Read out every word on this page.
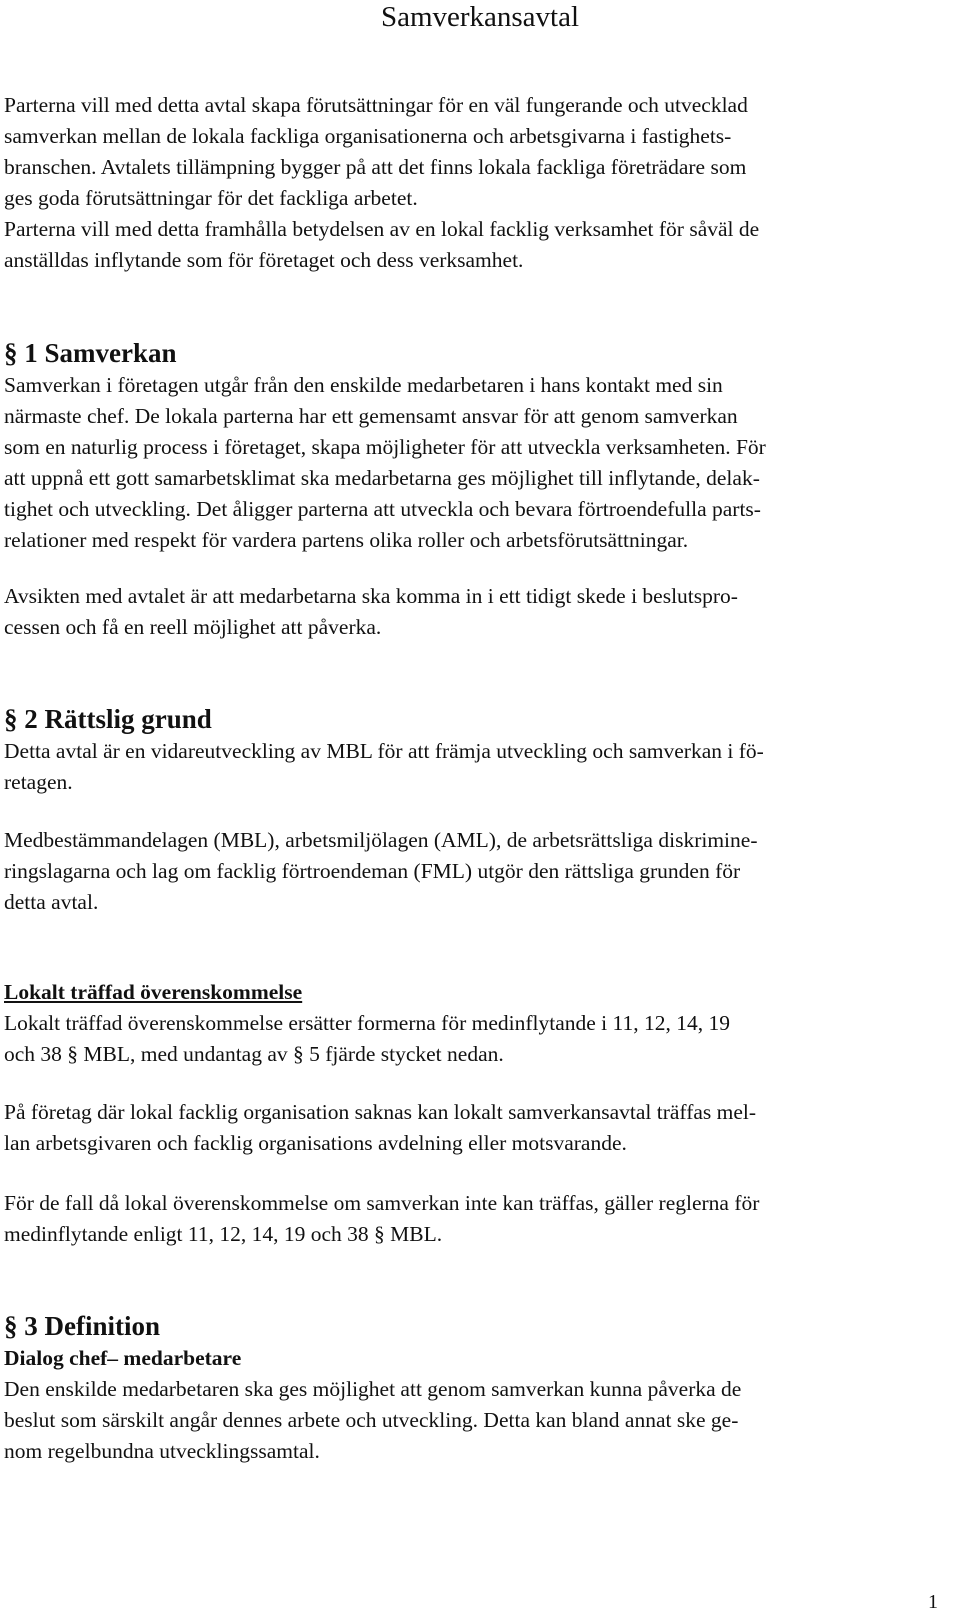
Samverkansavtal
Parterna vill med detta avtal skapa förutsättningar för en väl fungerande och utvecklad
samverkan mellan de lokala fackliga organisationerna och arbetsgivarna i fastighets-
branschen. Avtalets tillämpning bygger på att det finns lokala fackliga företrädare som
ges goda förutsättningar för det fackliga arbetet.
Parterna vill med detta framhålla betydelsen av en lokal facklig verksamhet för såväl de
anställdas inflytande som för företaget och dess verksamhet.
§ 1 Samverkan
Samverkan i företagen utgår från den enskilde medarbetaren i hans kontakt med sin
närmaste chef. De lokala parterna har ett gemensamt ansvar för att genom samverkan
som en naturlig process i företaget, skapa möjligheter för att utveckla verksamheten. För
att uppnå ett gott samarbetsklimat ska medarbetarna ges möjlighet till inflytande, delak-
tighet och utveckling. Det åligger parterna att utveckla och bevara förtroendefulla parts-
relationer med respekt för vardera partens olika roller och arbetsförutsättningar.
Avsikten med avtalet är att medarbetarna ska komma in i ett tidigt skede i beslutspro-
cessen och få en reell möjlighet att påverka.
§ 2 Rättslig grund
Detta avtal är en vidareutveckling av MBL för att främja utveckling och samverkan i fö-
retagen.
Medbestämmandelagen (MBL), arbetsmiljölagen (AML), de arbetsrättsliga diskrimine-
ringslagarna och lag om facklig förtroendeman (FML) utgör den rättsliga grunden för
detta avtal.
Lokalt träffad överenskommelse
Lokalt träffad överenskommelse ersätter formerna för medinflytande i 11, 12, 14, 19
och 38 § MBL, med undantag av § 5 fjärde stycket nedan.
På företag där lokal facklig organisation saknas kan lokalt samverkansavtal träffas mel-
lan arbetsgivaren och facklig organisations avdelning eller motsvarande.
För de fall då lokal överenskommelse om samverkan inte kan träffas, gäller reglerna för
medinflytande enligt 11, 12, 14, 19 och 38 § MBL.
§ 3 Definition
Dialog chef– medarbetare
Den enskilde medarbetaren ska ges möjlighet att genom samverkan kunna påverka de
beslut som särskilt angår dennes arbete och utveckling. Detta kan bland annat ske ge-
nom regelbundna utvecklingssamtal.
1
